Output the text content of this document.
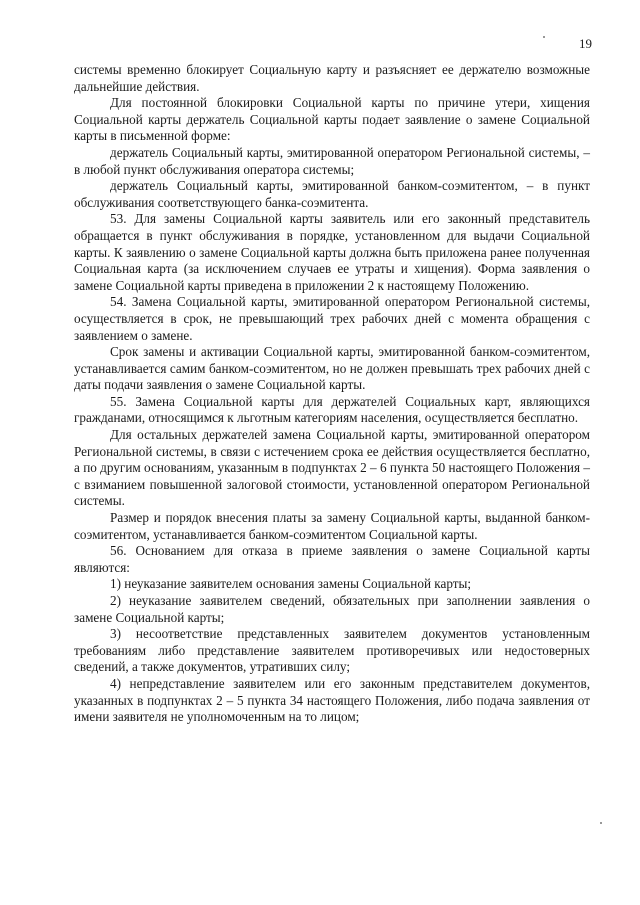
19

системы временно блокирует Социальную карту и разъясняет ее держателю возможные дальнейшие действия.

Для постоянной блокировки Социальной карты по причине утери, хищения Социальной карты держатель Социальной карты подает заявление о замене Социальной карты в письменной форме:

держатель Социальный карты, эмитированной оператором Региональной системы, – в любой пункт обслуживания оператора системы;

держатель Социальный карты, эмитированной банком-соэмитентом, – в пункт обслуживания соответствующего банка-соэмитента.

53. Для замены Социальной карты заявитель или его законный представитель обращается в пункт обслуживания в порядке, установленном для выдачи Социальной карты. К заявлению о замене Социальной карты должна быть приложена ранее полученная Социальная карта (за исключением случаев ее утраты и хищения). Форма заявления о замене Социальной карты приведена в приложении 2 к настоящему Положению.

54. Замена Социальной карты, эмитированной оператором Региональной системы, осуществляется в срок, не превышающий трех рабочих дней с момента обращения с заявлением о замене.

Срок замены и активации Социальной карты, эмитированной банком-соэмитентом, устанавливается самим банком-соэмитентом, но не должен превышать трех рабочих дней с даты подачи заявления о замене Социальной карты.

55. Замена Социальной карты для держателей Социальных карт, являющихся гражданами, относящимся к льготным категориям населения, осуществляется бесплатно.

Для остальных держателей замена Социальной карты, эмитированной оператором Региональной системы, в связи с истечением срока ее действия осуществляется бесплатно, а по другим основаниям, указанным в подпунктах 2 – 6 пункта 50 настоящего Положения – с взиманием повышенной залоговой стоимости, установленной оператором Региональной системы.

Размер и порядок внесения платы за замену Социальной карты, выданной банком-соэмитентом, устанавливается банком-соэмитентом Социальной карты.

56. Основанием для отказа в приеме заявления о замене Социальной карты являются:

1) неуказание заявителем основания замены Социальной карты;

2) неуказание заявителем сведений, обязательных при заполнении заявления о замене Социальной карты;

3) несоответствие представленных заявителем документов установленным требованиям либо представление заявителем противоречивых или недостоверных сведений, а также документов, утративших силу;

4) непредставление заявителем или его законным представителем документов, указанных в подпунктах 2 – 5 пункта 34 настоящего Положения, либо подача заявления от имени заявителя не уполномоченным на то лицом;
